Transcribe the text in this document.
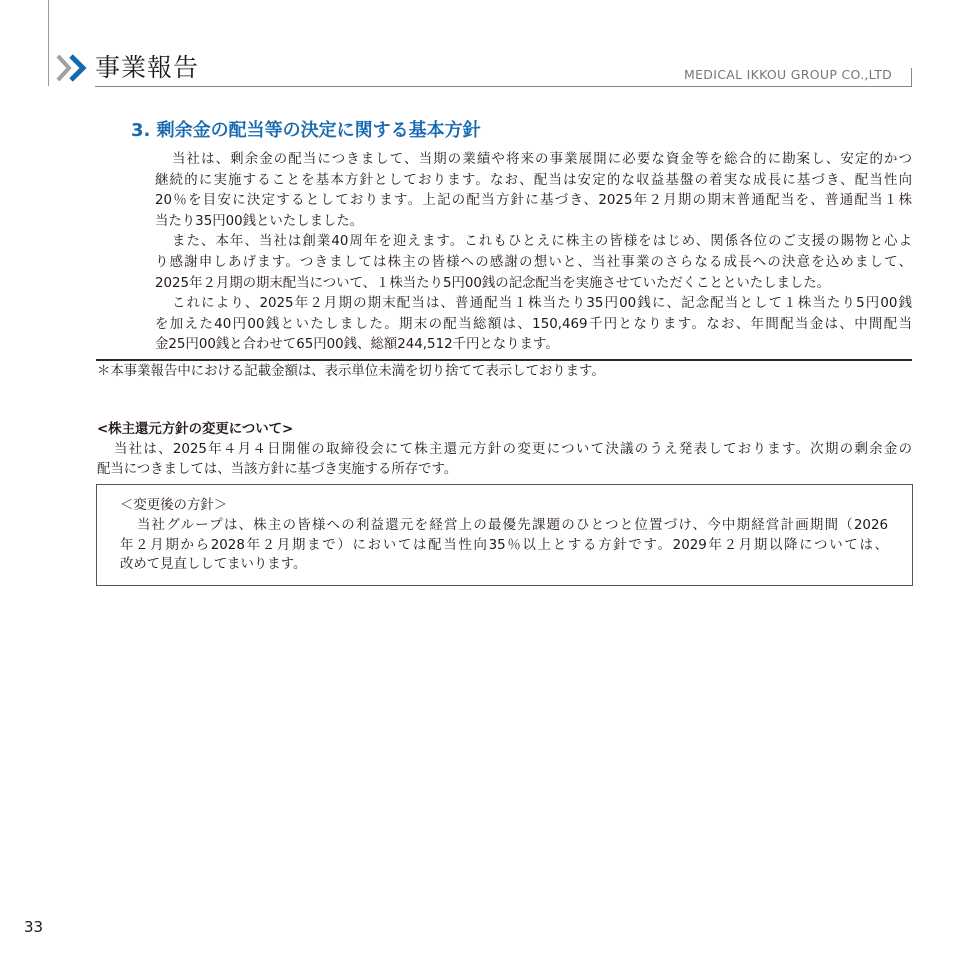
事業報告	MEDICAL IKKOU GROUP CO.,LTD
3. 剰余金の配当等の決定に関する基本方針
当社は、剰余金の配当につきまして、当期の業績や将来の事業展開に必要な資金等を総合的に勘案し、安定的かつ
継続的に実施することを基本方針としております。なお、配当は安定的な収益基盤の着実な成長に基づき、配当性向
20％を目安に決定するとしております。上記の配当方針に基づき、2025年２月期の期末普通配当を、普通配当１株
当たり35円00銭といたしました。
また、本年、当社は創業40周年を迎えます。これもひとえに株主の皆様をはじめ、関係各位のご支援の賜物と心よ
り感謝申しあげます。つきましては株主の皆様への感謝の想いと、当社事業のさらなる成長への決意を込めまして、
2025年２月期の期末配当について、１株当たり5円00銭の記念配当を実施させていただくことといたしました。
これにより、2025年２月期の期末配当は、普通配当１株当たり35円00銭に、記念配当として１株当たり5円00銭
を加えた40円00銭といたしました。期末の配当総額は、150,469千円となります。なお、年間配当金は、中間配当
金25円00銭と合わせて65円00銭、総額244,512千円となります。
＊本事業報告中における記載金額は、表示単位未満を切り捨てて表示しております。
<株主還元方針の変更について>
当社は、2025年４月４日開催の取締役会にて株主還元方針の変更について決議のうえ発表しております。次期の剰余金の
配当につきましては、当該方針に基づき実施する所存です。
＜変更後の方針＞
当社グループは、株主の皆様への利益還元を経営上の最優先課題のひとつと位置づけ、今中期経営計画期間（2026
年２月期から2028年２月期まで）においては配当性向35％以上とする方針です。2029年２月期以降については、
改めて見直ししてまいります。
33
